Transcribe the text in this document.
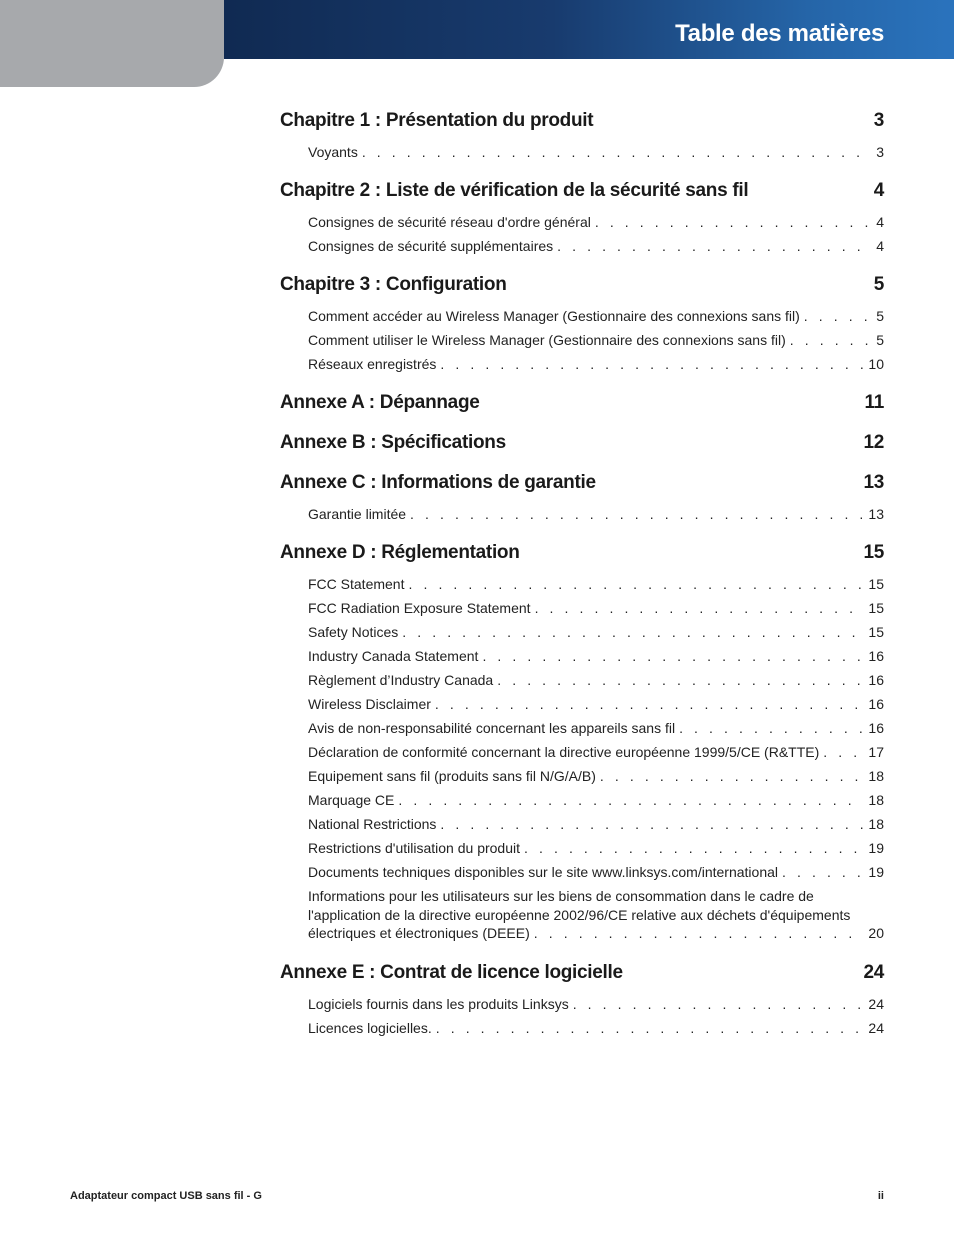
Table des matières
Chapitre 1 : Présentation du produit	3
Voyants . . .	3
Chapitre 2 : Liste de vérification de la sécurité sans fil	4
Consignes de sécurité réseau d'ordre général . . .	4
Consignes de sécurité supplémentaires . . .	4
Chapitre 3 : Configuration	5
Comment accéder au Wireless Manager (Gestionnaire des connexions sans fil) . . .	5
Comment utiliser le Wireless Manager (Gestionnaire des connexions sans fil) . . .	5
Réseaux enregistrés . . .	10
Annexe A : Dépannage	11
Annexe B : Spécifications	12
Annexe C : Informations de garantie	13
Garantie limitée . . .	13
Annexe D : Réglementation	15
FCC Statement . . .	15
FCC Radiation Exposure Statement . . .	15
Safety Notices . . .	15
Industry Canada Statement . . .	16
Règlement d’Industry Canada . . .	16
Wireless Disclaimer . . .	16
Avis de non-responsabilité concernant les appareils sans fil . . .	16
Déclaration de conformité concernant la directive européenne 1999/5/CE (R&TTE) . . .	17
Equipement sans fil (produits sans fil N/G/A/B) . . .	18
Marquage CE . . .	18
National Restrictions . . .	18
Restrictions d'utilisation du produit . . .	19
Documents techniques disponibles sur le site www.linksys.com/international . . .	19
Informations pour les utilisateurs sur les biens de consommation dans le cadre de
l'application de la directive européenne 2002/96/CE relative aux déchets d'équipements
électriques et électroniques (DEEE) . . .	20
Annexe E : Contrat de licence logicielle	24
Logiciels fournis dans les produits Linksys . . .	24
Licences logicielles. . . .	24
Adaptateur compact USB sans fil - G	ii
